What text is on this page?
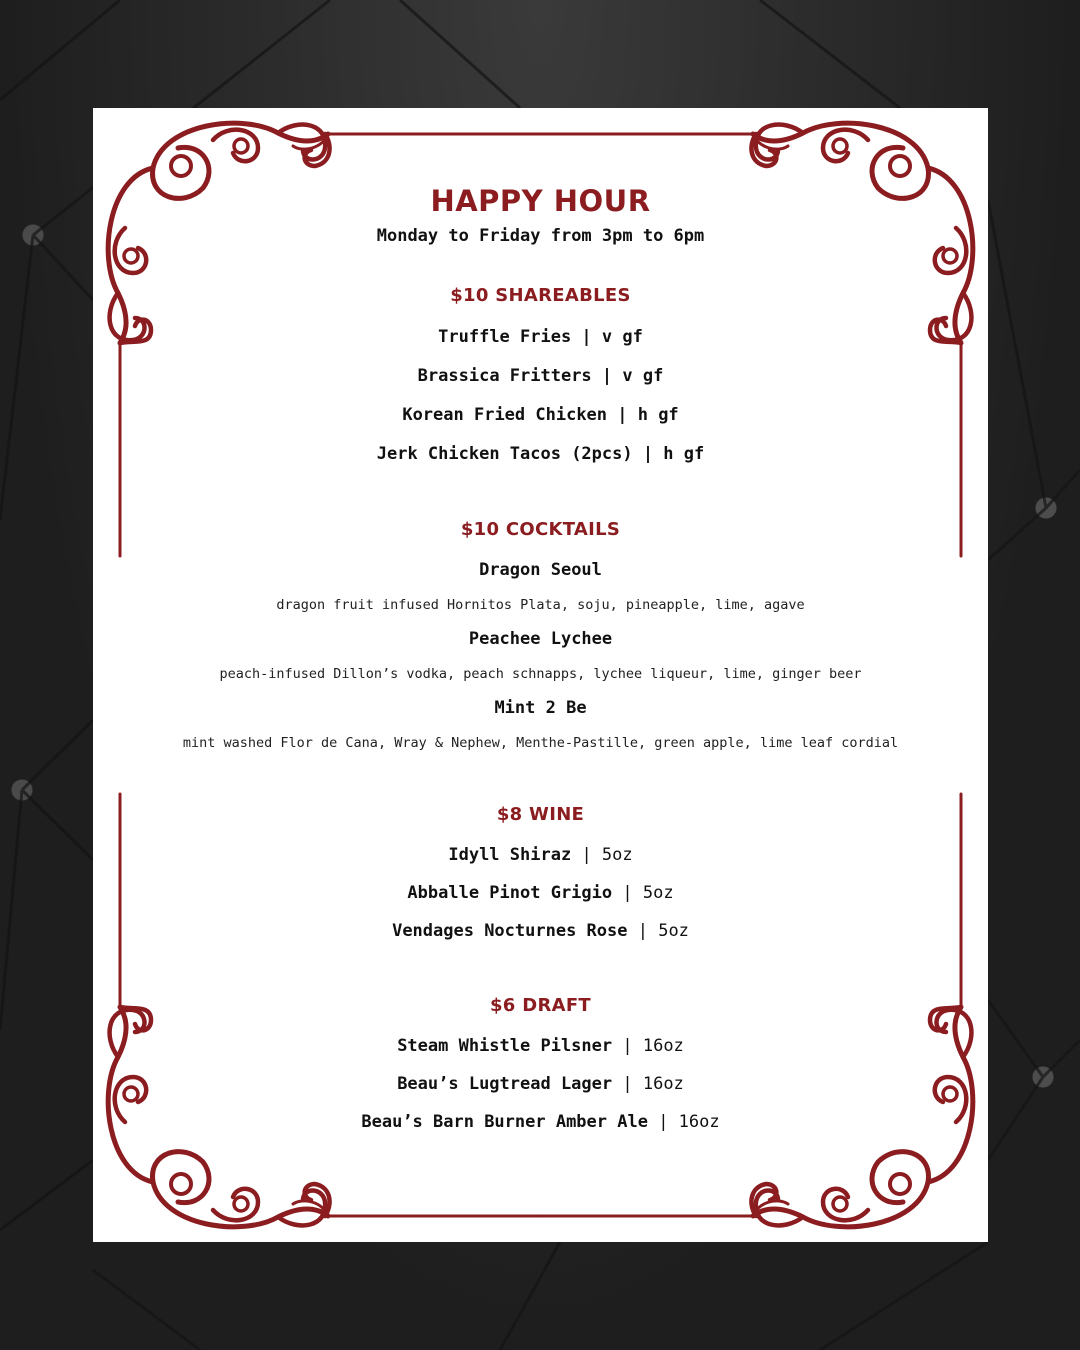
HAPPY HOUR
Monday to Friday from 3pm to 6pm
$10 SHAREABLES
Truffle Fries | v gf
Brassica Fritters | v gf
Korean Fried Chicken | h gf
Jerk Chicken Tacos (2pcs) | h gf
$10 COCKTAILS
Dragon Seoul
dragon fruit infused Hornitos Plata, soju, pineapple, lime, agave
Peachee Lychee
peach-infused Dillon’s vodka, peach schnapps, lychee liqueur, lime, ginger beer
Mint 2 Be
mint washed Flor de Cana, Wray & Nephew, Menthe-Pastille, green apple, lime leaf cordial
$8 WINE
Idyll Shiraz | 5oz
Abballe Pinot Grigio | 5oz
Vendages Nocturnes Rose | 5oz
$6 DRAFT
Steam Whistle Pilsner | 16oz
Beau’s Lugtread Lager | 16oz
Beau’s Barn Burner Amber Ale | 16oz
